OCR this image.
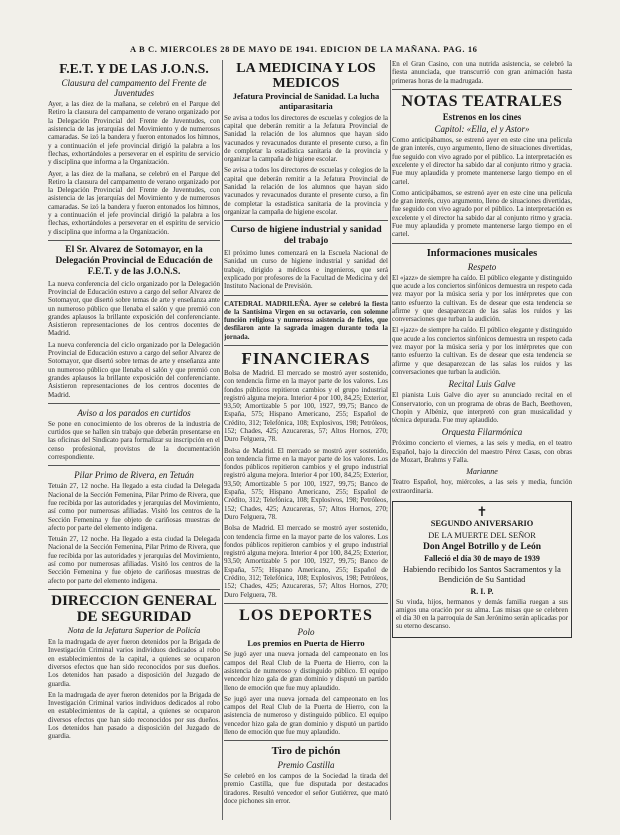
A B C. MIERCOLES 28 DE MAYO DE 1941. EDICION DE LA MAÑANA. PAG. 16
F.E.T. Y DE LAS J.O.N.S.
Clausura del campamento del Frente de Juventudes
Ayer, a las diez de la mañana, se celebró en el Parque del Retiro la clausura del campamento de verano organizado por la Delegación Provincial del Frente de Juventudes, con asistencia de las jerarquías del Movimiento y de numerosos camaradas. Se izó la bandera y fueron entonados los himnos, y a continuación el jefe provincial dirigió la palabra a los flechas, exhortándoles a perseverar en el espíritu de servicio y disciplina que informa a la Organización.
Ayer, a las diez de la mañana, se celebró en el Parque del Retiro la clausura del campamento de verano organizado por la Delegación Provincial del Frente de Juventudes, con asistencia de las jerarquías del Movimiento y de numerosos camaradas. Se izó la bandera y fueron entonados los himnos, y a continuación el jefe provincial dirigió la palabra a los flechas, exhortándoles a perseverar en el espíritu de servicio y disciplina que informa a la Organización.
El Sr. Alvarez de Sotomayor, en la Delegación Provincial de Educación de F.E.T. y de las J.O.N.S.
La nueva conferencia del ciclo organizado por la Delegación Provincial de Educación estuvo a cargo del señor Alvarez de Sotomayor, que disertó sobre temas de arte y enseñanza ante un numeroso público que llenaba el salón y que premió con grandes aplausos la brillante exposición del conferenciante. Asistieron representaciones de los centros docentes de Madrid.
La nueva conferencia del ciclo organizado por la Delegación Provincial de Educación estuvo a cargo del señor Alvarez de Sotomayor, que disertó sobre temas de arte y enseñanza ante un numeroso público que llenaba el salón y que premió con grandes aplausos la brillante exposición del conferenciante. Asistieron representaciones de los centros docentes de Madrid.
Aviso a los parados en curtidos
Se pone en conocimiento de los obreros de la industria de curtidos que se hallen sin trabajo que deberán presentarse en las oficinas del Sindicato para formalizar su inscripción en el censo profesional, provistos de la documentación correspondiente.
Pilar Primo de Rivera, en Tetuán
Tetuán 27, 12 noche. Ha llegado a esta ciudad la Delegada Nacional de la Sección Femenina, Pilar Primo de Rivera, que fue recibida por las autoridades y jerarquías del Movimiento, así como por numerosas afiliadas. Visitó los centros de la Sección Femenina y fue objeto de cariñosas muestras de afecto por parte del elemento indígena.
Tetuán 27, 12 noche. Ha llegado a esta ciudad la Delegada Nacional de la Sección Femenina, Pilar Primo de Rivera, que fue recibida por las autoridades y jerarquías del Movimiento, así como por numerosas afiliadas. Visitó los centros de la Sección Femenina y fue objeto de cariñosas muestras de afecto por parte del elemento indígena.
DIRECCION GENERAL DE SEGURIDAD
Nota de la Jefatura Superior de Policía
En la madrugada de ayer fueron detenidos por la Brigada de Investigación Criminal varios individuos dedicados al robo en establecimientos de la capital, a quienes se ocuparon diversos efectos que han sido reconocidos por sus dueños. Los detenidos han pasado a disposición del Juzgado de guardia.
En la madrugada de ayer fueron detenidos por la Brigada de Investigación Criminal varios individuos dedicados al robo en establecimientos de la capital, a quienes se ocuparon diversos efectos que han sido reconocidos por sus dueños. Los detenidos han pasado a disposición del Juzgado de guardia.
LA MEDICINA Y LOS MEDICOS
Jefatura Provincial de Sanidad. La lucha antiparasitaria
Se avisa a todos los directores de escuelas y colegios de la capital que deberán remitir a la Jefatura Provincial de Sanidad la relación de los alumnos que hayan sido vacunados y revacunados durante el presente curso, a fin de completar la estadística sanitaria de la provincia y organizar la campaña de higiene escolar.
Se avisa a todos los directores de escuelas y colegios de la capital que deberán remitir a la Jefatura Provincial de Sanidad la relación de los alumnos que hayan sido vacunados y revacunados durante el presente curso, a fin de completar la estadística sanitaria de la provincia y organizar la campaña de higiene escolar.
Curso de higiene industrial y sanidad del trabajo
El próximo lunes comenzará en la Escuela Nacional de Sanidad un curso de higiene industrial y sanidad del trabajo, dirigido a médicos e ingenieros, que será explicado por profesores de la Facultad de Medicina y del Instituto Nacional de Previsión.
CATEDRAL MADRILEÑA. Ayer se celebró la fiesta de la Santísima Virgen en su octavario, con solemne función religiosa y numerosa asistencia de fieles, que desfilaron ante la sagrada imagen durante toda la jornada.
FINANCIERAS
Bolsa de Madrid. El mercado se mostró ayer sostenido, con tendencia firme en la mayor parte de los valores. Los fondos públicos repitieron cambios y el grupo industrial registró alguna mejora. Interior 4 por 100, 84,25; Exterior, 93,50; Amortizable 5 por 100, 1927, 99,75; Banco de España, 575; Hispano Americano, 255; Español de Crédito, 312; Telefónica, 108; Explosivos, 198; Petróleos, 152; Chades, 425; Azucareras, 57; Altos Hornos, 270; Duro Felguera, 78.
Bolsa de Madrid. El mercado se mostró ayer sostenido, con tendencia firme en la mayor parte de los valores. Los fondos públicos repitieron cambios y el grupo industrial registró alguna mejora. Interior 4 por 100, 84,25; Exterior, 93,50; Amortizable 5 por 100, 1927, 99,75; Banco de España, 575; Hispano Americano, 255; Español de Crédito, 312; Telefónica, 108; Explosivos, 198; Petróleos, 152; Chades, 425; Azucareras, 57; Altos Hornos, 270; Duro Felguera, 78.
Bolsa de Madrid. El mercado se mostró ayer sostenido, con tendencia firme en la mayor parte de los valores. Los fondos públicos repitieron cambios y el grupo industrial registró alguna mejora. Interior 4 por 100, 84,25; Exterior, 93,50; Amortizable 5 por 100, 1927, 99,75; Banco de España, 575; Hispano Americano, 255; Español de Crédito, 312; Telefónica, 108; Explosivos, 198; Petróleos, 152; Chades, 425; Azucareras, 57; Altos Hornos, 270; Duro Felguera, 78.
LOS DEPORTES
Polo
Los premios en Puerta de Hierro
Se jugó ayer una nueva jornada del campeonato en los campos del Real Club de la Puerta de Hierro, con la asistencia de numeroso y distinguido público. El equipo vencedor hizo gala de gran dominio y disputó un partido lleno de emoción que fue muy aplaudido.
Se jugó ayer una nueva jornada del campeonato en los campos del Real Club de la Puerta de Hierro, con la asistencia de numeroso y distinguido público. El equipo vencedor hizo gala de gran dominio y disputó un partido lleno de emoción que fue muy aplaudido.
Tiro de pichón
Premio Castilla
Se celebró en los campos de la Sociedad la tirada del premio Castilla, que fue disputada por destacados tiradores. Resultó vencedor el señor Gutiérrez, que mató doce pichones sin error.
En el Gran Casino, con una nutrida asistencia, se celebró la fiesta anunciada, que transcurrió con gran animación hasta primeras horas de la madrugada.
NOTAS TEATRALES
Estrenos en los cines
Capitol: «Ella, el y Astor»
Como anticipábamos, se estrenó ayer en este cine una película de gran interés, cuyo argumento, lleno de situaciones divertidas, fue seguido con vivo agrado por el público. La interpretación es excelente y el director ha sabido dar al conjunto ritmo y gracia. Fue muy aplaudida y promete mantenerse largo tiempo en el cartel.
Como anticipábamos, se estrenó ayer en este cine una película de gran interés, cuyo argumento, lleno de situaciones divertidas, fue seguido con vivo agrado por el público. La interpretación es excelente y el director ha sabido dar al conjunto ritmo y gracia. Fue muy aplaudida y promete mantenerse largo tiempo en el cartel.
Informaciones musicales
Respeto
El «jazz» de siempre ha caído. El público elegante y distinguido que acude a los conciertos sinfónicos demuestra un respeto cada vez mayor por la música seria y por los intérpretes que con tanto esfuerzo la cultivan. Es de desear que esta tendencia se afirme y que desaparezcan de las salas los ruidos y las conversaciones que turban la audición.
El «jazz» de siempre ha caído. El público elegante y distinguido que acude a los conciertos sinfónicos demuestra un respeto cada vez mayor por la música seria y por los intérpretes que con tanto esfuerzo la cultivan. Es de desear que esta tendencia se afirme y que desaparezcan de las salas los ruidos y las conversaciones que turban la audición.
Recital Luis Galve
El pianista Luis Galve dio ayer su anunciado recital en el Conservatorio, con un programa de obras de Bach, Beethoven, Chopin y Albéniz, que interpretó con gran musicalidad y técnica depurada. Fue muy aplaudido.
Orquesta Filarmónica
Próximo concierto el viernes, a las seis y media, en el teatro Español, bajo la dirección del maestro Pérez Casas, con obras de Mozart, Brahms y Falla.
Marianne
Teatro Español, hoy, miércoles, a las seis y media, función extraordinaria.
✝
SEGUNDO ANIVERSARIO
DE LA MUERTE DEL SEÑOR
Don Angel Botrillo y de León
Falleció el día 30 de mayo de 1939
Habiendo recibido los Santos Sacramentos y la Bendición de Su Santidad
R. I. P.
Su viuda, hijos, hermanos y demás familia ruegan a sus amigos una oración por su alma. Las misas que se celebren el día 30 en la parroquia de San Jerónimo serán aplicadas por su eterno descanso.
